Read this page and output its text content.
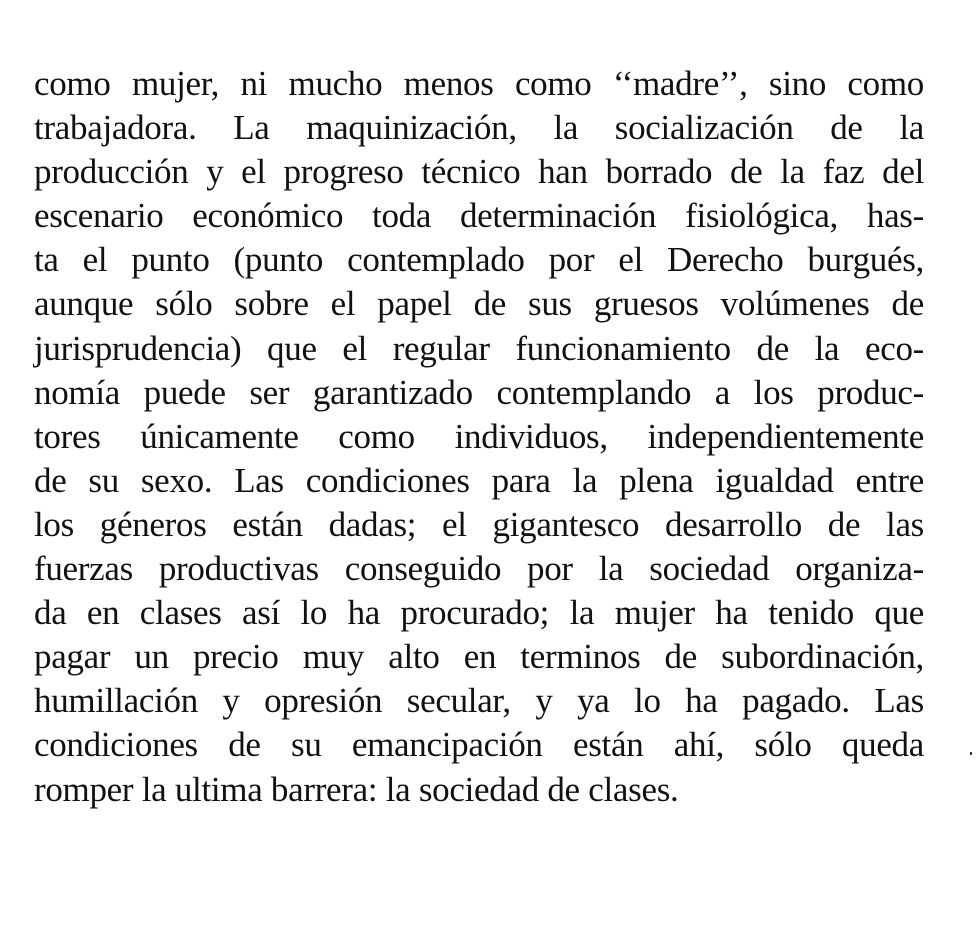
como mujer, ni mucho menos como ‘‘madre’’, sino como
trabajadora. La maquinización, la socialización de la
producción y el progreso técnico han borrado de la faz del
escenario económico toda determinación fisiológica, has-
ta el punto (punto contemplado por el Derecho burgués,
aunque sólo sobre el papel de sus gruesos volúmenes de
jurisprudencia) que el regular funcionamiento de la eco-
nomía puede ser garantizado contemplando a los produc-
tores únicamente como individuos, independientemente
de su sexo. Las condiciones para la plena igualdad entre
los géneros están dadas; el gigantesco desarrollo de las
fuerzas productivas conseguido por la sociedad organiza-
da en clases así lo ha procurado; la mujer ha tenido que
pagar un precio muy alto en terminos de subordinación,
humillación y opresión secular, y ya lo ha pagado. Las
condiciones de su emancipación están ahí, sólo queda
romper la ultima barrera: la sociedad de clases.
